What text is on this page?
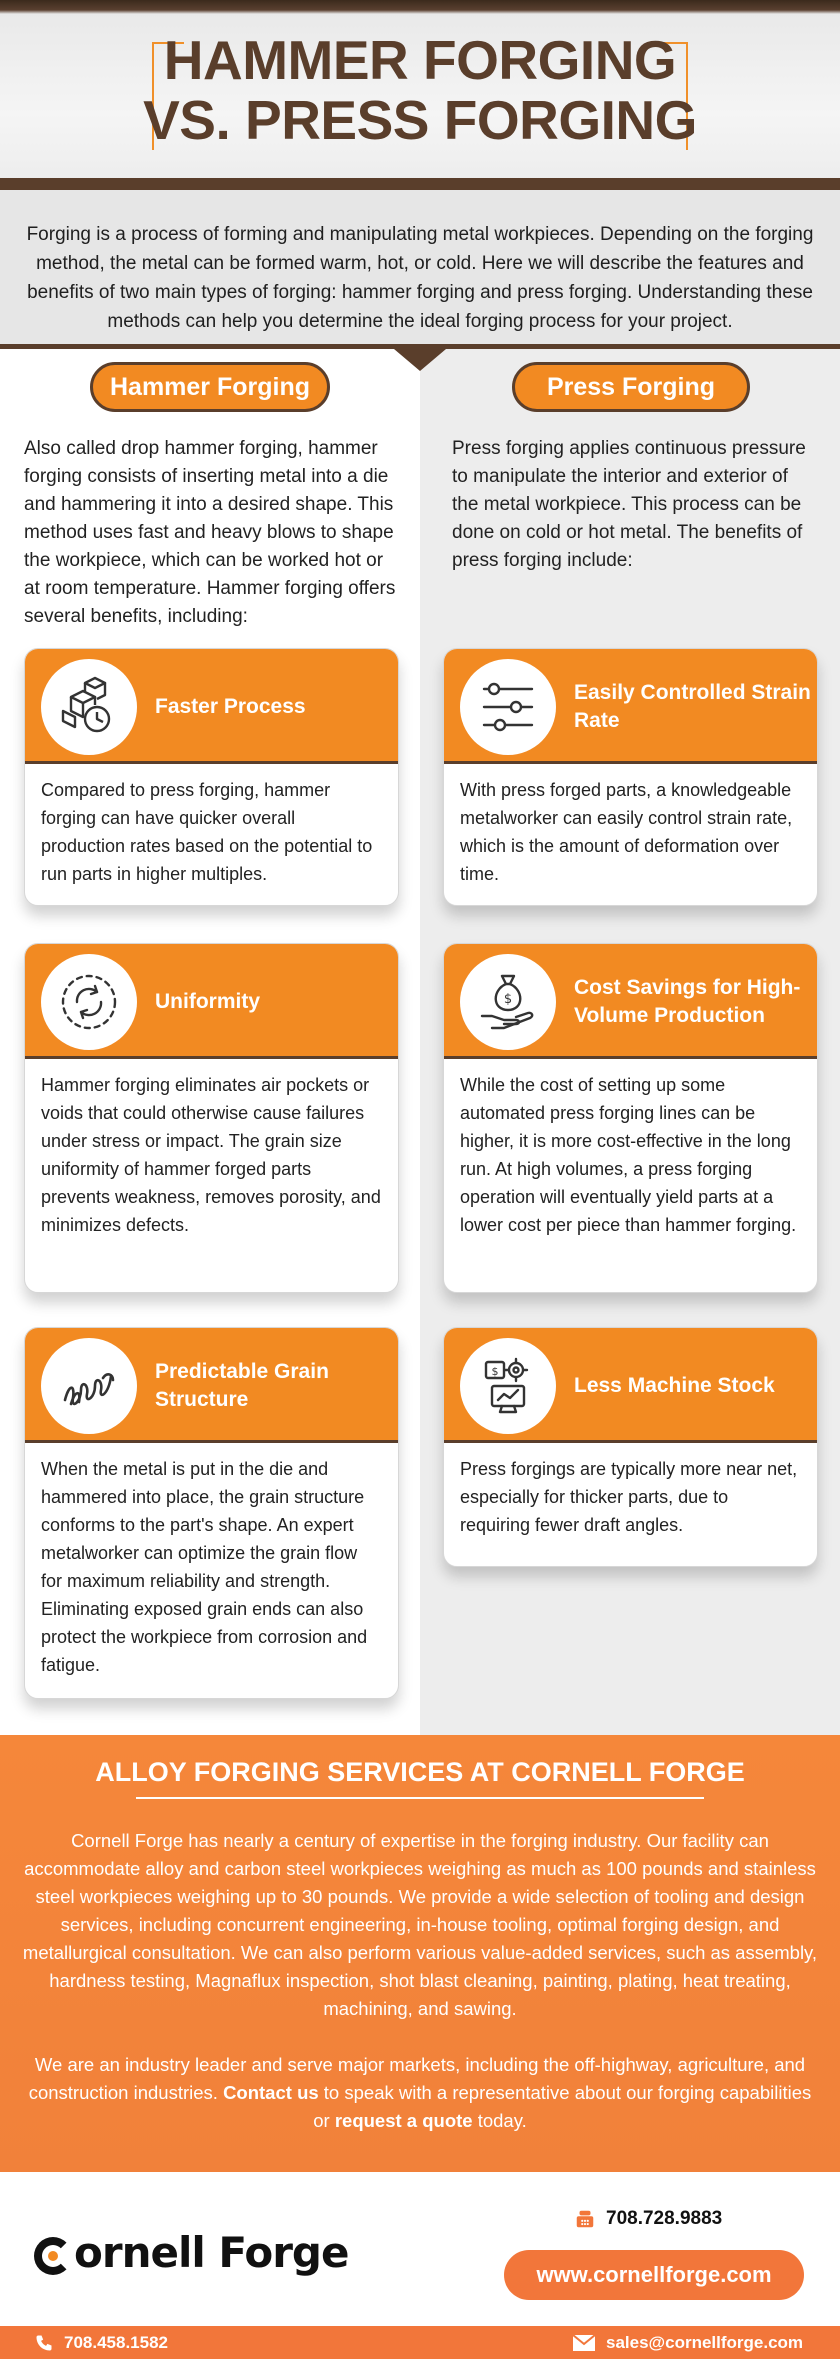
HAMMER FORGING
VS. PRESS FORGING

Forging is a process of forming and manipulating metal workpieces. Depending on the forging method, the metal can be formed warm, hot, or cold. Here we will describe the features and benefits of two main types of forging: hammer forging and press forging. Understanding these methods can help you determine the ideal forging process for your project.

Hammer Forging	Press Forging
Also called drop hammer forging, hammer forging consists of inserting metal into a die and hammering it into a desired shape. This method uses fast and heavy blows to shape the workpiece, which can be worked hot or at room temperature. Hammer forging offers several benefits, including:
Press forging applies continuous pressure to manipulate the interior and exterior of the metal workpiece. This process can be done on cold or hot metal. The benefits of press forging include:
Faster Process
Compared to press forging, hammer forging can have quicker overall production rates based on the potential to run parts in higher multiples.
Uniformity
Hammer forging eliminates air pockets or voids that could otherwise cause failures under stress or impact. The grain size uniformity of hammer forged parts prevents weakness, removes porosity, and minimizes defects.
Predictable Grain Structure
When the metal is put in the die and hammered into place, the grain structure conforms to the part's shape. An expert metalworker can optimize the grain flow for maximum reliability and strength. Eliminating exposed grain ends can also protect the workpiece from corrosion and fatigue.
Easily Controlled Strain Rate
With press forged parts, a knowledgeable metalworker can easily control strain rate, which is the amount of deformation over time.
$
Cost Savings for High-Volume Production
While the cost of setting up some automated press forging lines can be higher, it is more cost-effective in the long run. At high volumes, a press forging operation will eventually yield parts at a lower cost per piece than hammer forging.
$
Less Machine Stock
Press forgings are typically more near net, especially for thicker parts, due to requiring fewer draft angles.
ALLOY FORGING SERVICES AT CORNELL FORGE

Cornell Forge has nearly a century of expertise in the forging industry. Our facility can accommodate alloy and carbon steel workpieces weighing as much as 100 pounds and stainless steel workpieces weighing up to 30 pounds. We provide a wide selection of tooling and design services, including concurrent engineering, in-house tooling, optimal forging design, and metallurgical consultation. We can also perform various value-added services, such as assembly, hardness testing, Magnaflux inspection, shot blast cleaning, painting, plating, heat treating, machining, and sawing.

We are an industry leader and serve major markets, including the off-highway, agriculture, and construction industries. Contact us to speak with a representative about our forging capabilities or request a quote today.

ornell Forge
708.728.9883
www.cornellforge.com
708.458.1582	sales@cornellforge.com
